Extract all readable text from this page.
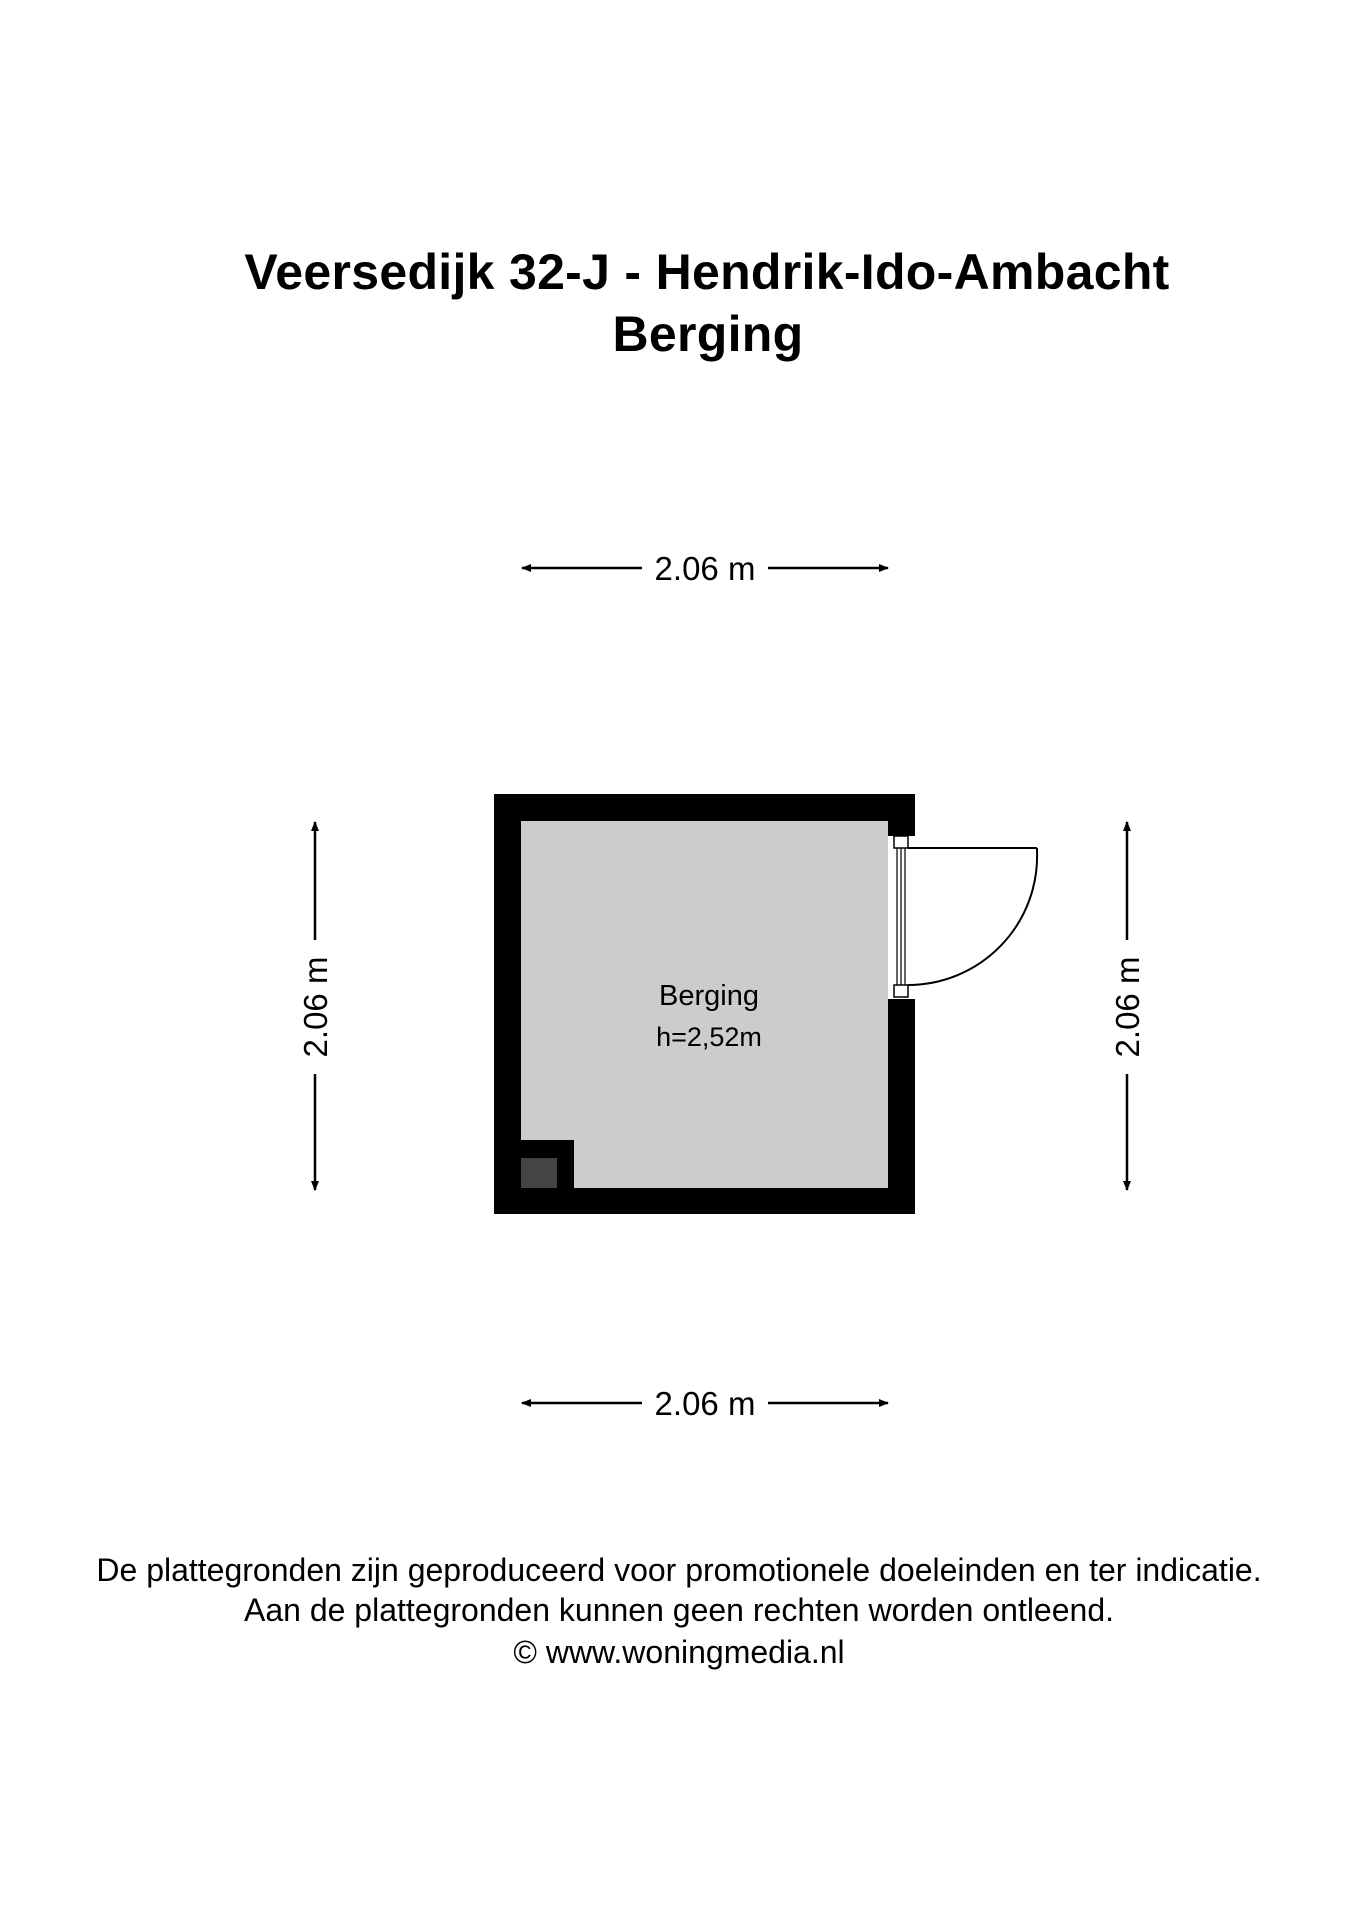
Veersedijk 32-J - Hendrik-Ido-Ambacht
Berging
2.06 m
2.06 m
2.06 m	2.06 m
Berging
h=2,52m
De plattegronden zijn geproduceerd voor promotionele doeleinden en ter indicatie.
Aan de plattegronden kunnen geen rechten worden ontleend.
© www.woningmedia.nl
